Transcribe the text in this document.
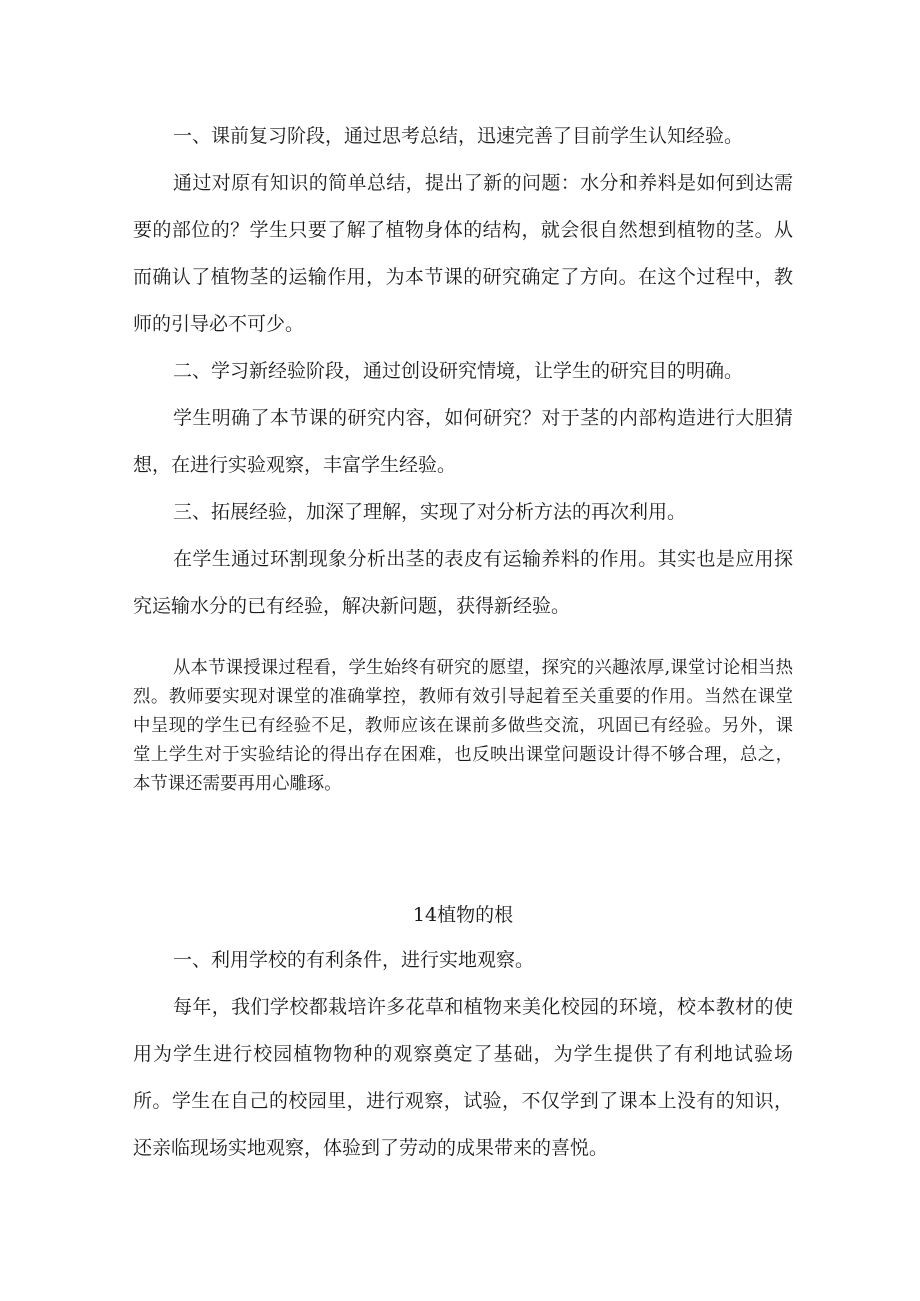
一、课前复习阶段，通过思考总结，迅速完善了目前学生认知经验。

通过对原有知识的简单总结，提出了新的问题：水分和养料是如何到达需要的部位的？学生只要了解了植物身体的结构，就会很自然想到植物的茎。从而确认了植物茎的运输作用，为本节课的研究确定了方向。在这个过程中，教师的引导必不可少。

二、学习新经验阶段，通过创设研究情境，让学生的研究目的明确。

学生明确了本节课的研究内容，如何研究？对于茎的内部构造进行大胆猜想，在进行实验观察，丰富学生经验。

三、拓展经验，加深了理解，实现了对分析方法的再次利用。

在学生通过环割现象分析出茎的表皮有运输养料的作用。其实也是应用探究运输水分的已有经验，解决新问题，获得新经验。

从本节课授课过程看，学生始终有研究的愿望，探究的兴趣浓厚,课堂讨论相当热烈。教师要实现对课堂的准确掌控，教师有效引导起着至关重要的作用。当然在课堂中呈现的学生已有经验不足，教师应该在课前多做些交流，巩固已有经验。另外，课堂上学生对于实验结论的得出存在困难，也反映出课堂问题设计得不够合理，总之，本节课还需要再用心雕琢。

14植物的根

一、利用学校的有利条件，进行实地观察。

每年，我们学校都栽培许多花草和植物来美化校园的环境，校本教材的使用为学生进行校园植物物种的观察奠定了基础，为学生提供了有利地试验场所。学生在自己的校园里，进行观察，试验，不仅学到了课本上没有的知识，还亲临现场实地观察，体验到了劳动的成果带来的喜悦。
